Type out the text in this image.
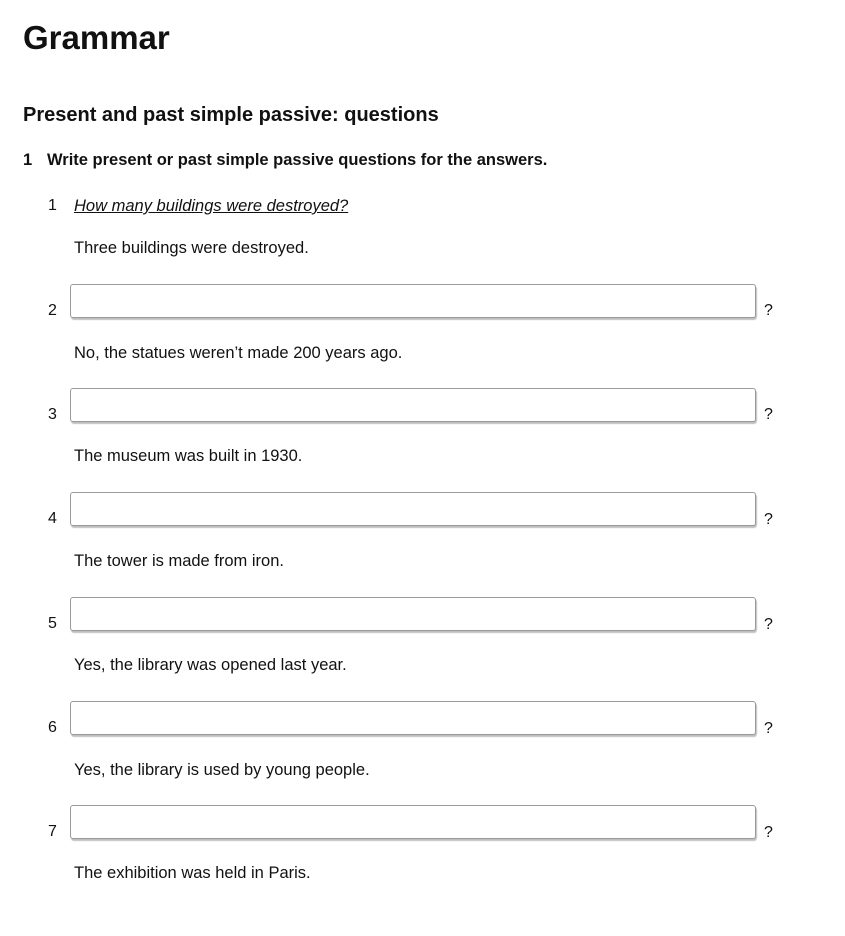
Grammar
Present and past simple passive: questions

1 Write present or past simple passive questions for the answers.

1	How many buildings were destroyed?
Three buildings were destroyed.
2	?
No, the statues weren’t made 200 years ago.
3	?
The museum was built in 1930.
4	?
The tower is made from iron.
5	?
Yes, the library was opened last year.
6	?
Yes, the library is used by young people.
7	?
The exhibition was held in Paris.
